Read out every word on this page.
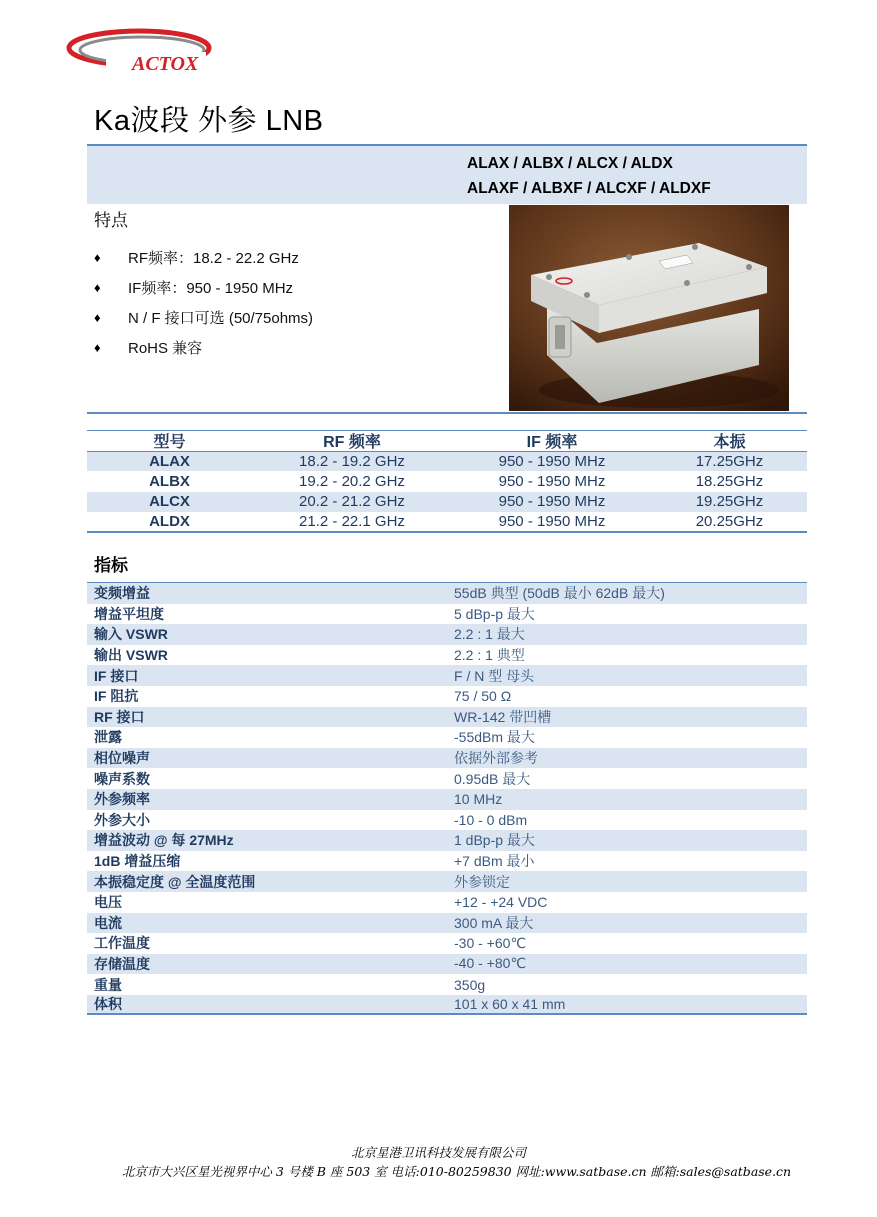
ACTOX
Ka波段 外参 LNB
ALAX / ALBX / ALCX / ALDX
ALAXF / ALBXF / ALCXF / ALDXF
特点
♦	RF频率：18.2 - 22.2 GHz
♦	IF频率：950 - 1950 MHz
♦	N / F 接口可选 (50/75ohms)
♦	RoHS 兼容
型号	RF 频率	IF 频率	本振
ALAX	18.2 - 19.2 GHz	950 - 1950 MHz	17.25GHz
ALBX	19.2 - 20.2 GHz	950 - 1950 MHz	18.25GHz
ALCX	20.2 - 21.2 GHz	950 - 1950 MHz	19.25GHz
ALDX	21.2 - 22.1 GHz	950 - 1950 MHz	20.25GHz
指标
变频增益	55dB 典型 (50dB 最小 62dB 最大)
增益平坦度	5 dBp-p 最大
输入 VSWR	2.2 : 1 最大
输出 VSWR	2.2 : 1 典型
IF 接口	F / N 型 母头
IF 阻抗	75 / 50 Ω
RF 接口	WR-142 带凹槽
泄露	-55dBm 最大
相位噪声	依据外部参考
噪声系数	0.95dB 最大
外参频率	10 MHz
外参大小	-10 - 0 dBm
增益波动 @ 每 27MHz	1 dBp-p 最大
1dB 增益压缩	+7 dBm 最小
本振稳定度 @ 全温度范围	外参锁定
电压	+12 - +24 VDC
电流	300 mA 最大
工作温度	-30 - +60℃
存储温度	-40 - +80℃
重量	350g
体积	101 x 60 x 41 mm
北京星港卫讯科技发展有限公司
北京市大兴区星光视界中心 3 号楼 B 座 503 室 电话:010-80259830 网址:www.satbase.cn 邮箱:sales@satbase.cn
